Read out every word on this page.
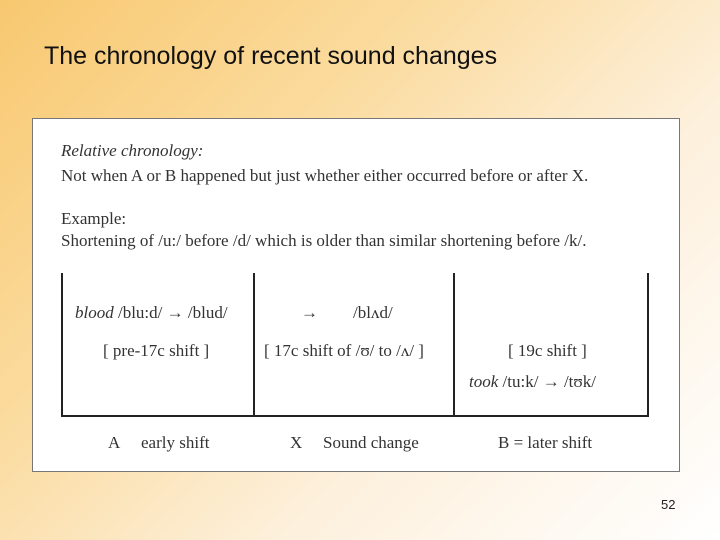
The chronology of recent sound changes
Relative chronology:
Not when A or B happened but just whether either occurred before or after X.
Example:
Shortening of /u:/ before /d/ which is older than similar shortening before /k/.
blood /blu:d/ → /blud/
[ pre-17c shift ]
A early shift
→ /blʌd/
[ 17c shift of /ʊ/ to /ʌ/ ]
X Sound change
[ 19c shift ]
took /tu:k/ → /tʊk/
B = later shift
52
